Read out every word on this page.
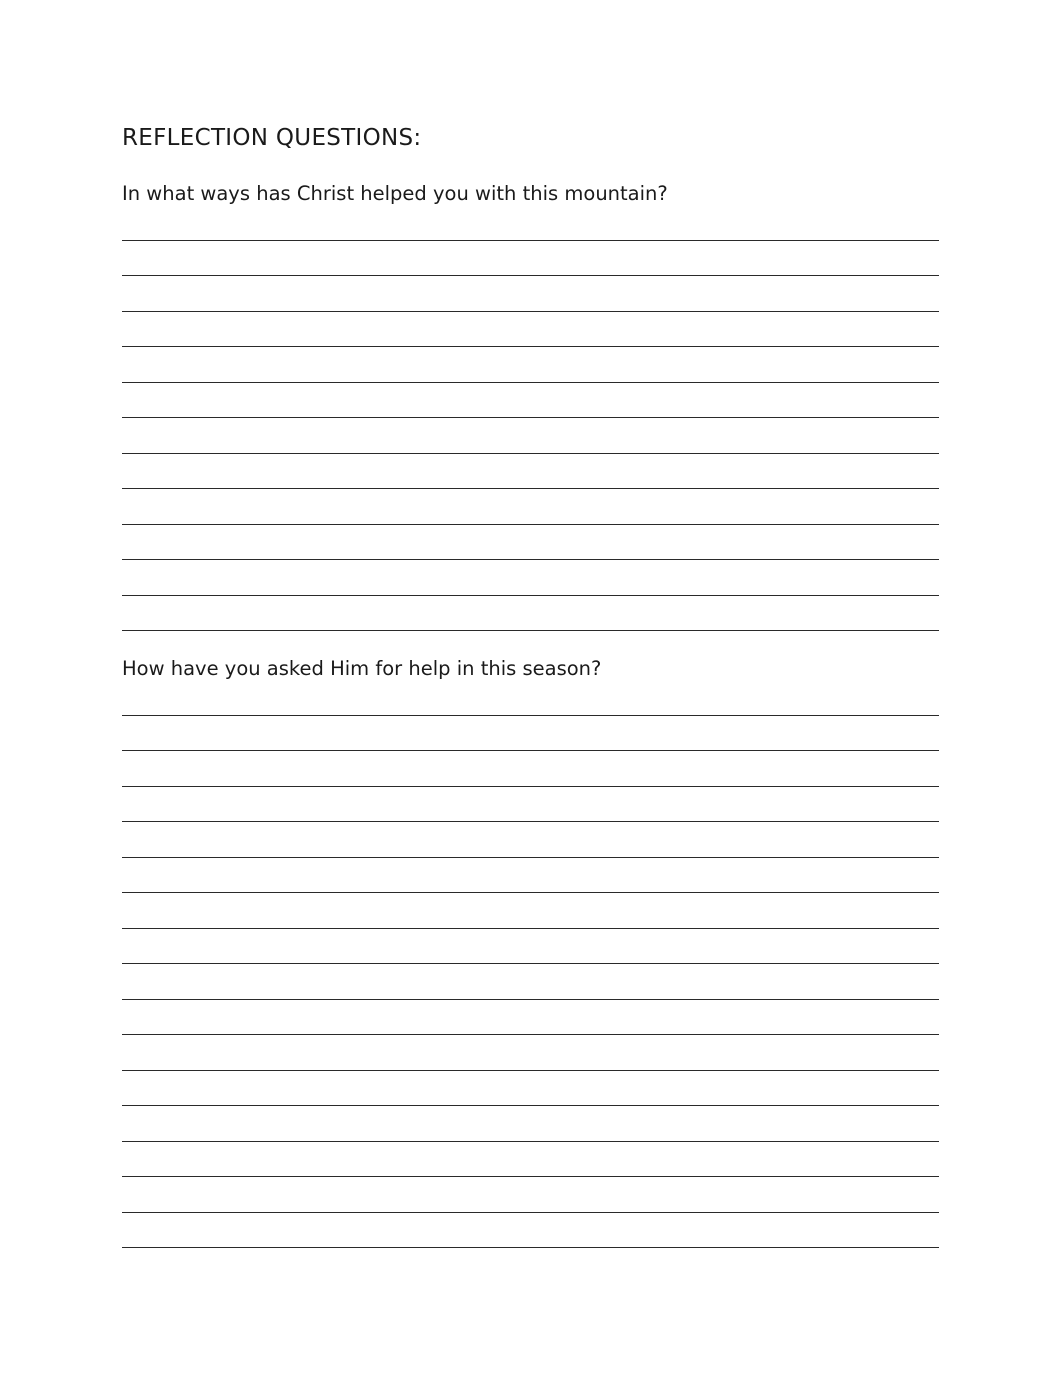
REFLECTION QUESTIONS:

In what ways has Christ helped you with this mountain?

How have you asked Him for help in this season?
